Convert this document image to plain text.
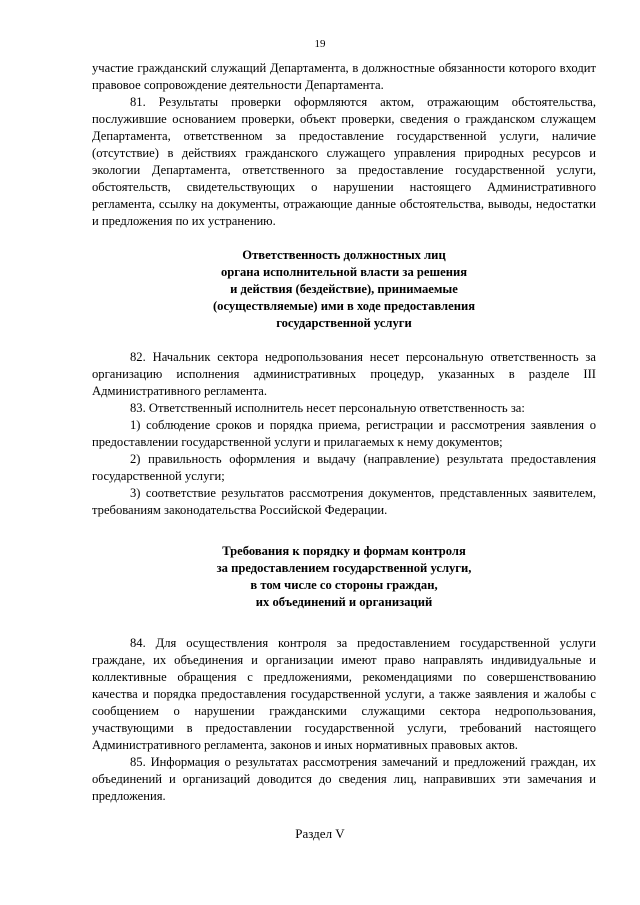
19

участие гражданский служащий Департамента, в должностные обязанности которого входит правовое сопровождение деятельности Департамента.

81. Результаты проверки оформляются актом, отражающим обстоятельства, послужившие основанием проверки, объект проверки, сведения о гражданском служащем Департамента, ответственном за предоставление государственной услуги, наличие (отсутствие) в действиях гражданского служащего управления природных ресурсов и экологии Департамента, ответственного за предоставление государственной услуги, обстоятельств, свидетельствующих о нарушении настоящего Административного регламента, ссылку на документы, отражающие данные обстоятельства, выводы, недостатки и предложения по их устранению.

Ответственность должностных лиц
органа исполнительной власти за решения
и действия (бездействие), принимаемые
(осуществляемые) ими в ходе предоставления
государственной услуги

82. Начальник сектора недропользования несет персональную ответственность за организацию исполнения административных процедур, указанных в разделе III Административного регламента.

83. Ответственный исполнитель несет персональную ответственность за:

1) соблюдение сроков и порядка приема, регистрации и рассмотрения заявления о предоставлении государственной услуги и прилагаемых к нему документов;

2) правильность оформления и выдачу (направление) результата предоставления государственной услуги;

3) соответствие результатов рассмотрения документов, представленных заявителем, требованиям законодательства Российской Федерации.

Требования к порядку и формам контроля
за предоставлением государственной услуги,
в том числе со стороны граждан,
их объединений и организаций

84. Для осуществления контроля за предоставлением государственной услуги граждане, их объединения и организации имеют право направлять индивидуальные и коллективные обращения с предложениями, рекомендациями по совершенствованию качества и порядка предоставления государственной услуги, а также заявления и жалобы с сообщением о нарушении гражданскими служащими сектора недропользования, участвующими в предоставлении государственной услуги, требований настоящего Административного регламента, законов и иных нормативных правовых актов.

85. Информация о результатах рассмотрения замечаний и предложений граждан, их объединений и организаций доводится до сведения лиц, направивших эти замечания и предложения.

Раздел V
